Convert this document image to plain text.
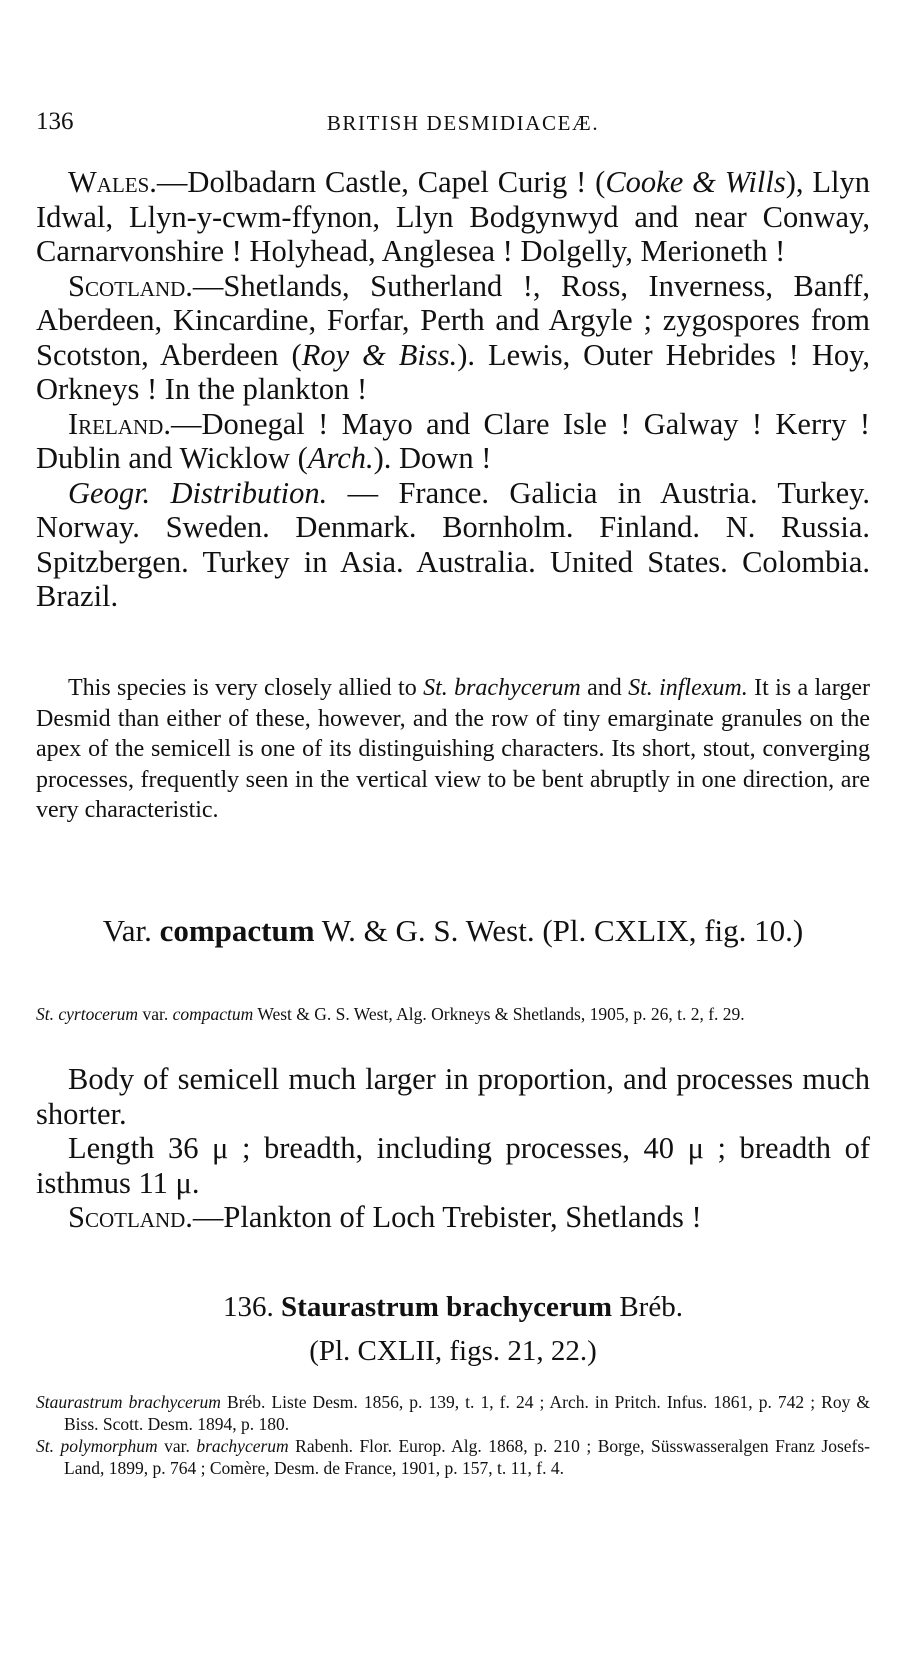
136	BRITISH DESMIDIACEÆ.

Wales.—Dolbadarn Castle, Capel Curig ! (Cooke & Wills), Llyn Idwal, Llyn-y-cwm-ffynon, Llyn Bodgynwyd and near Conway, Carnarvonshire ! Holyhead, Anglesea ! Dolgelly, Merioneth !

Scotland.—Shetlands, Sutherland !, Ross, Inverness, Banff, Aberdeen, Kincardine, Forfar, Perth and Argyle ; zygospores from Scotston, Aberdeen (Roy & Biss.). Lewis, Outer Hebrides ! Hoy, Orkneys ! In the plankton !

Ireland.—Donegal ! Mayo and Clare Isle ! Galway ! Kerry ! Dublin and Wicklow (Arch.). Down !

Geogr. Distribution. — France. Galicia in Austria. Turkey. Norway. Sweden. Denmark. Bornholm. Finland. N. Russia. Spitzbergen. Turkey in Asia. Australia. United States. Colombia. Brazil.

This species is very closely allied to St. brachycerum and St. inflexum. It is a larger Desmid than either of these, however, and the row of tiny emarginate granules on the apex of the semicell is one of its distinguishing characters. Its short, stout, converging processes, frequently seen in the vertical view to be bent abruptly in one direction, are very characteristic.

Var. compactum W. & G. S. West. (Pl. CXLIX, fig. 10.)

St. cyrtocerum var. compactum West & G. S. West, Alg. Orkneys & Shetlands, 1905, p. 26, t. 2, f. 29.

Body of semicell much larger in proportion, and processes much shorter.

Length 36 μ ; breadth, including processes, 40 μ ; breadth of isthmus 11 μ.

Scotland.—Plankton of Loch Trebister, Shetlands !

136. Staurastrum brachycerum Bréb.

(Pl. CXLII, figs. 21, 22.)

Staurastrum brachycerum Bréb. Liste Desm. 1856, p. 139, t. 1, f. 24 ; Arch. in Pritch. Infus. 1861, p. 742 ; Roy & Biss. Scott. Desm. 1894, p. 180.

St. polymorphum var. brachycerum Rabenh. Flor. Europ. Alg. 1868, p. 210 ; Borge, Süsswasseralgen Franz Josefs-Land, 1899, p. 764 ; Comère, Desm. de France, 1901, p. 157, t. 11, f. 4.
